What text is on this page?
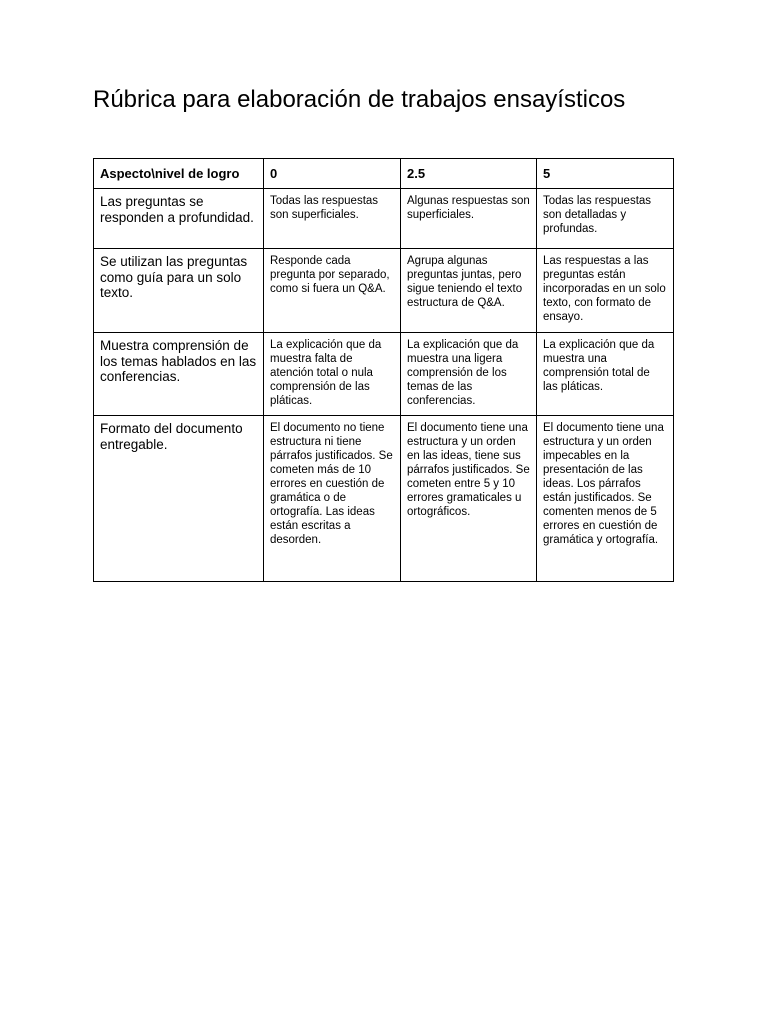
Rúbrica para elaboración de trabajos ensayísticos
Aspecto\nivel de logro	0	2.5	5
Las preguntas se responden a profundidad.	Todas las respuestas son superficiales.	Algunas respuestas son superficiales.	Todas las respuestas son detalladas y profundas.
Se utilizan las preguntas como guía para un solo texto.	Responde cada pregunta por separado, como si fuera un Q&A.	Agrupa algunas preguntas juntas, pero sigue teniendo el texto estructura de Q&A.	Las respuestas a las preguntas están incorporadas en un solo texto, con formato de ensayo.
Muestra comprensión de los temas hablados en las conferencias.	La explicación que da muestra falta de atención total o nula comprensión de las pláticas.	La explicación que da muestra una ligera comprensión de los temas de las conferencias.	La explicación que da muestra una comprensión total de las pláticas.
Formato del documento entregable.	El documento no tiene estructura ni tiene párrafos justificados. Se cometen más de 10 errores en cuestión de gramática o de ortografía. Las ideas están escritas a desorden.	El documento tiene una estructura y un orden en las ideas, tiene sus párrafos justificados. Se cometen entre 5 y 10 errores gramaticales u ortográficos.	El documento tiene una estructura y un orden impecables en la presentación de las ideas. Los párrafos están justificados. Se comenten menos de 5 errores en cuestión de gramática y ortografía.
